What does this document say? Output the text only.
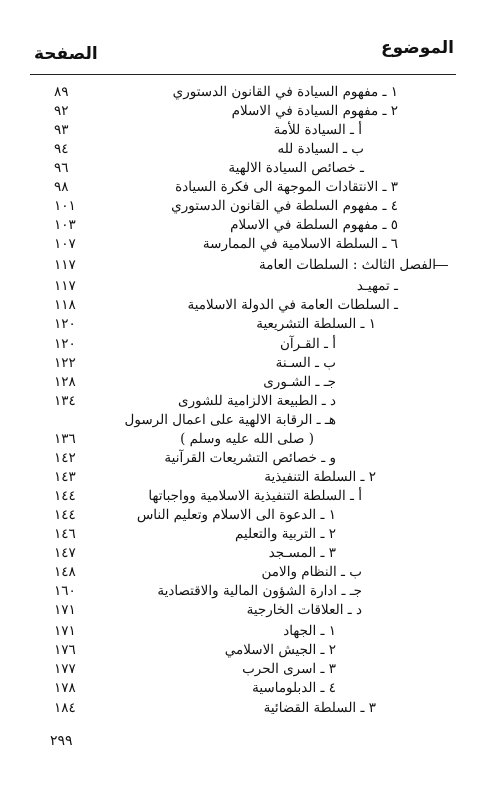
الموضوع
الصفحة
١ ـ مفهوم السيادة في القانون الدستوري
٨٩
٢ ـ مفهوم السيادة في الاسلام
٩٢
أ ـ السيادة للأمة
٩٣
ب ـ السيادة لله
٩٤
ـ خصائص السيادة الالهية
٩٦
٣ ـ الانتقادات الموجهة الى فكرة السيادة
٩٨
٤ ـ مفهوم السلطة في القانون الدستوري
١٠١
٥ ـ مفهوم السلطة في الاسلام
١٠٣
٦ ـ السلطة الاسلامية في الممارسة
١٠٧
الفصل الثالث : السلطات العامة
١١٧
ـ تمهيـد
١١٧
ـ السلطات العامة في الدولة الاسلامية
١١٨
١ ـ السلطة التشريعية
١٢٠
أ ـ القـرآن
١٢٠
ب ـ السـنة
١٢٢
جـ ـ الشـورى
١٢٨
د ـ الطبيعة الالزامية للشورى
١٣٤
هـ ـ الرقابة الالهية على اعمال الرسول
( صلى الله عليه وسلم )
١٣٦
و ـ خصائص التشريعات القرآنية
١٤٢
٢ ـ السلطة التنفيذية
١٤٣
أ ـ السلطة التنفيذية الاسلامية وواجباتها
١٤٤
١ ـ الدعوة الى الاسلام وتعليم الناس
١٤٤
٢ ـ التربية والتعليم
١٤٦
٣ ـ المسـجد
١٤٧
ب ـ النظام والامن
١٤٨
جـ ـ ادارة الشؤون المالية والاقتصادية
١٦٠
د ـ العلاقات الخارجية
١٧١
١ ـ الجهاد
١٧١
٢ ـ الجيش الاسلامي
١٧٦
٣ ـ اسرى الحرب
١٧٧
٤ ـ الدبلوماسية
١٧٨
٣ ـ السلطة القضائية
١٨٤
٢٩٩
